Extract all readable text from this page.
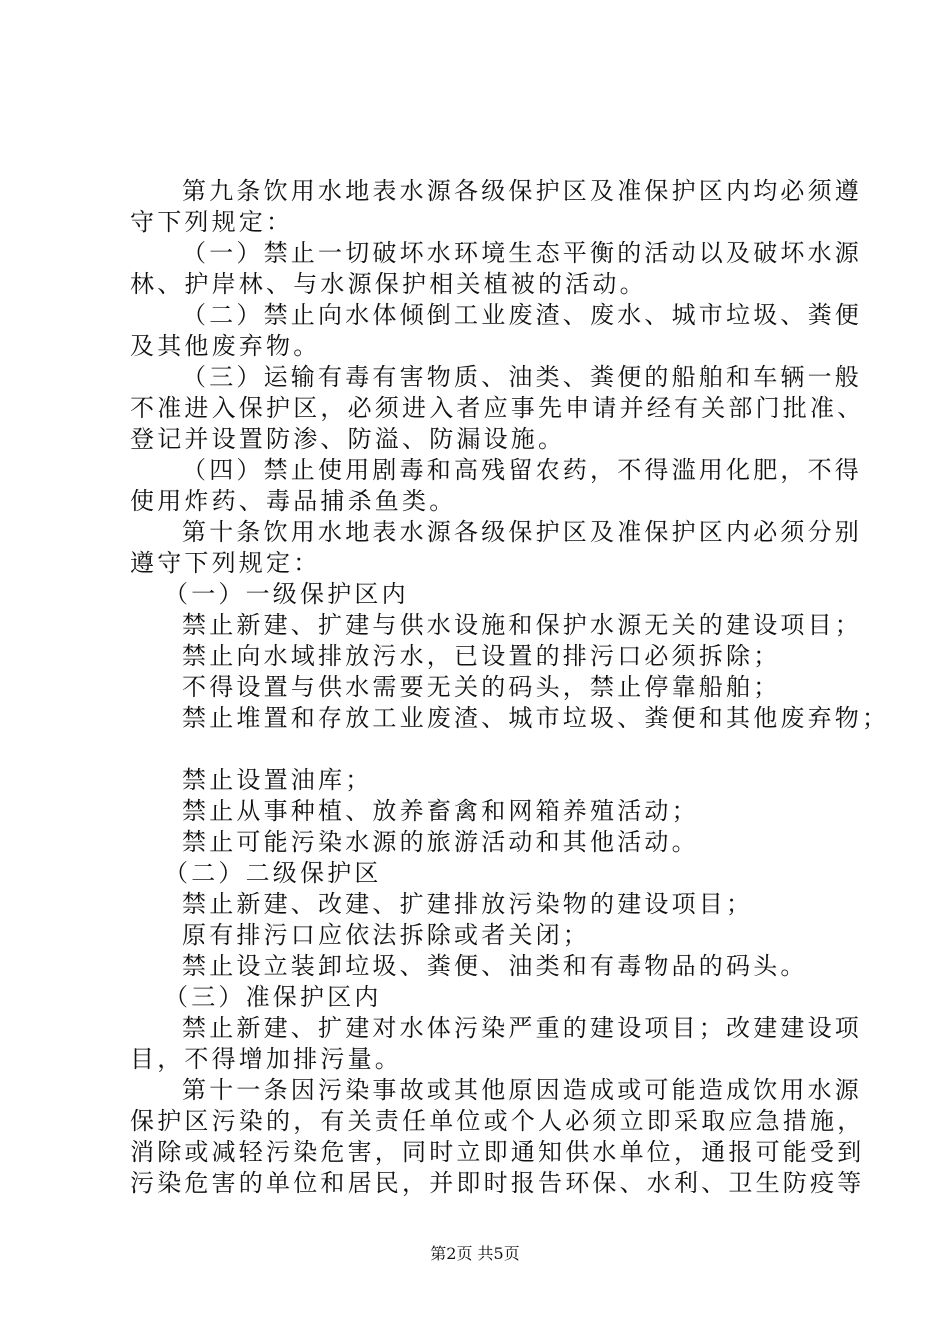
第九条饮用水地表水源各级保护区及准保护区内均必须遵
守下列规定：
（一）禁止一切破坏水环境生态平衡的活动以及破坏水源
林、护岸林、与水源保护相关植被的活动。
（二）禁止向水体倾倒工业废渣、废水、城市垃圾、粪便
及其他废弃物。
（三）运输有毒有害物质、油类、粪便的船舶和车辆一般
不准进入保护区，必须进入者应事先申请并经有关部门批准、
登记并设置防渗、防溢、防漏设施。
（四）禁止使用剧毒和高残留农药，不得滥用化肥，不得
使用炸药、毒品捕杀鱼类。
第十条饮用水地表水源各级保护区及准保护区内必须分别
遵守下列规定：
（一）一级保护区内
禁止新建、扩建与供水设施和保护水源无关的建设项目；
禁止向水域排放污水，已设置的排污口必须拆除；
不得设置与供水需要无关的码头，禁止停靠船舶；
禁止堆置和存放工业废渣、城市垃圾、粪便和其他废弃物；
禁止设置油库；
禁止从事种植、放养畜禽和网箱养殖活动；
禁止可能污染水源的旅游活动和其他活动。
（二）二级保护区
禁止新建、改建、扩建排放污染物的建设项目；
原有排污口应依法拆除或者关闭；
禁止设立装卸垃圾、粪便、油类和有毒物品的码头。
（三）准保护区内
禁止新建、扩建对水体污染严重的建设项目；改建建设项
目，不得增加排污量。
第十一条因污染事故或其他原因造成或可能造成饮用水源
保护区污染的，有关责任单位或个人必须立即采取应急措施，
消除或减轻污染危害，同时立即通知供水单位，通报可能受到
污染危害的单位和居民，并即时报告环保、水利、卫生防疫等
第2页 共5页
